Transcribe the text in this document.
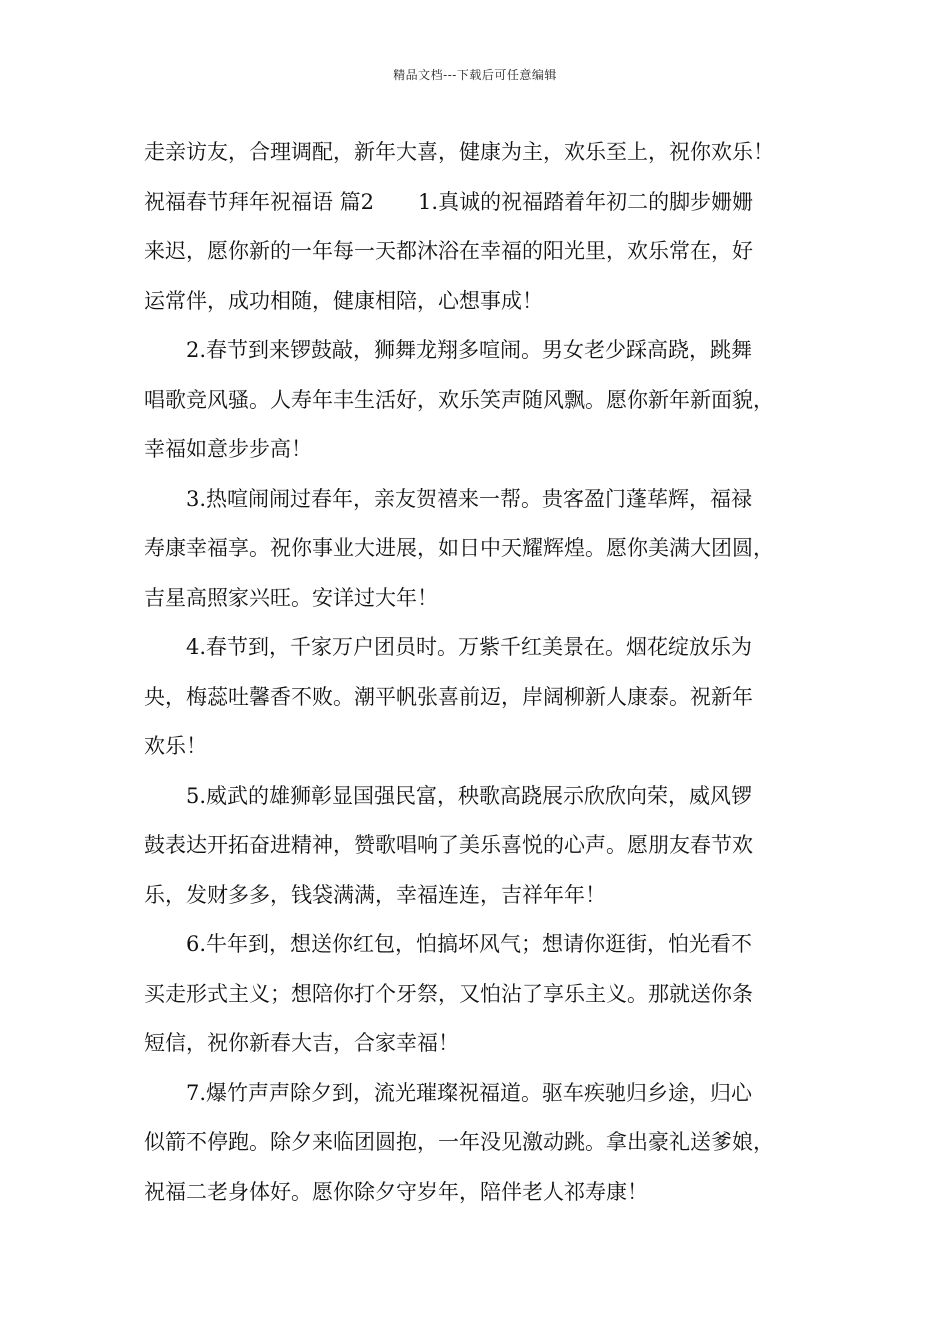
精品文档---下载后可任意编辑
走亲访友，合理调配，新年大喜，健康为主，欢乐至上，祝你欢乐！
祝福春节拜年祝福语 篇2 1.真诚的祝福踏着年初二的脚步姗姗
来迟，愿你新的一年每一天都沐浴在幸福的阳光里，欢乐常在，好
运常伴，成功相随，健康相陪，心想事成！
2.春节到来锣鼓敲，狮舞龙翔多喧闹。男女老少踩高跷，跳舞
唱歌竞风骚。人寿年丰生活好，欢乐笑声随风飘。愿你新年新面貌，
幸福如意步步高！
3.热喧闹闹过春年，亲友贺禧来一帮。贵客盈门蓬荜辉，福禄
寿康幸福享。祝你事业大进展，如日中天耀辉煌。愿你美满大团圆，
吉星高照家兴旺。安详过大年！
4.春节到，千家万户团员时。万紫千红美景在。烟花绽放乐为
央，梅蕊吐馨香不败。潮平帆张喜前迈，岸阔柳新人康泰。祝新年
欢乐！
5.威武的雄狮彰显国强民富，秧歌高跷展示欣欣向荣，威风锣
鼓表达开拓奋进精神，赞歌唱响了美乐喜悦的心声。愿朋友春节欢
乐，发财多多，钱袋满满，幸福连连，吉祥年年！
6.牛年到，想送你红包，怕搞坏风气；想请你逛街，怕光看不
买走形式主义；想陪你打个牙祭，又怕沾了享乐主义。那就送你条
短信，祝你新春大吉，合家幸福！
7.爆竹声声除夕到，流光璀璨祝福道。驱车疾驰归乡途，归心
似箭不停跑。除夕来临团圆抱，一年没见激动跳。拿出豪礼送爹娘，
祝福二老身体好。愿你除夕守岁年，陪伴老人祁寿康！
